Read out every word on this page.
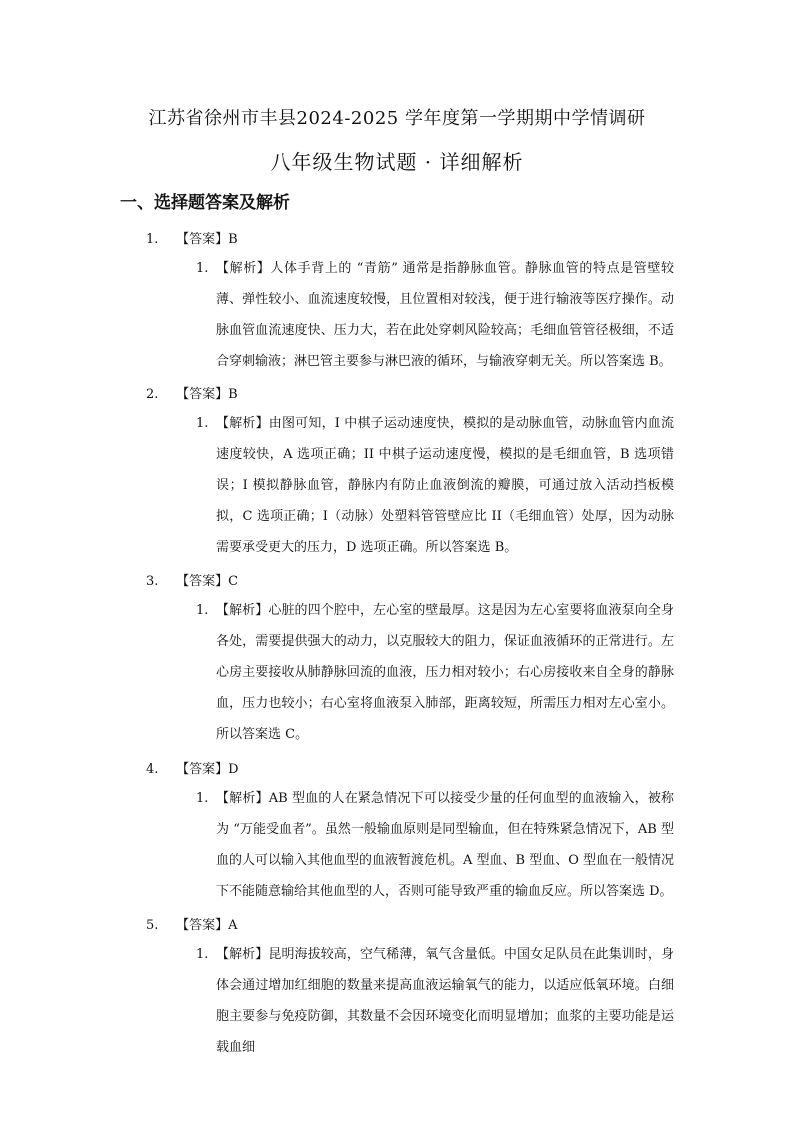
江苏省徐州市丰县2024-2025 学年度第一学期期中学情调研
八年级生物试题 · 详细解析
一、选择题答案及解析
1. 【答案】B
1. 【解析】人体手背上的 “青筋” 通常是指静脉血管。静脉血管的特点是管壁较薄、弹性较小、血流速度较慢，且位置相对较浅，便于进行输液等医疗操作。动脉血管血流速度快、压力大，若在此处穿刺风险较高；毛细血管管径极细，不适合穿刺输液；淋巴管主要参与淋巴液的循环，与输液穿刺无关。所以答案选 B。
2. 【答案】B
1. 【解析】由图可知，I 中棋子运动速度快，模拟的是动脉血管，动脉血管内血流速度较快，A 选项正确；II 中棋子运动速度慢，模拟的是毛细血管，B 选项错误；I 模拟静脉血管，静脉内有防止血液倒流的瓣膜，可通过放入活动挡板模拟，C 选项正确；I（动脉）处塑料管管壁应比 II（毛细血管）处厚，因为动脉需要承受更大的压力，D 选项正确。所以答案选 B。
3. 【答案】C
1. 【解析】心脏的四个腔中，左心室的壁最厚。这是因为左心室要将血液泵向全身各处，需要提供强大的动力，以克服较大的阻力，保证血液循环的正常进行。左心房主要接收从肺静脉回流的血液，压力相对较小；右心房接收来自全身的静脉血，压力也较小；右心室将血液泵入肺部，距离较短，所需压力相对左心室小。所以答案选 C。
4. 【答案】D
1. 【解析】AB 型血的人在紧急情况下可以接受少量的任何血型的血液输入，被称为 “万能受血者”。虽然一般输血原则是同型输血，但在特殊紧急情况下，AB 型血的人可以输入其他血型的血液暂渡危机。A 型血、B 型血、O 型血在一般情况下不能随意输给其他血型的人，否则可能导致严重的输血反应。所以答案选 D。
5. 【答案】A
1. 【解析】昆明海拔较高，空气稀薄，氧气含量低。中国女足队员在此集训时，身体会通过增加红细胞的数量来提高血液运输氧气的能力，以适应低氧环境。白细胞主要参与免疫防御，其数量不会因环境变化而明显增加；血浆的主要功能是运载血细
